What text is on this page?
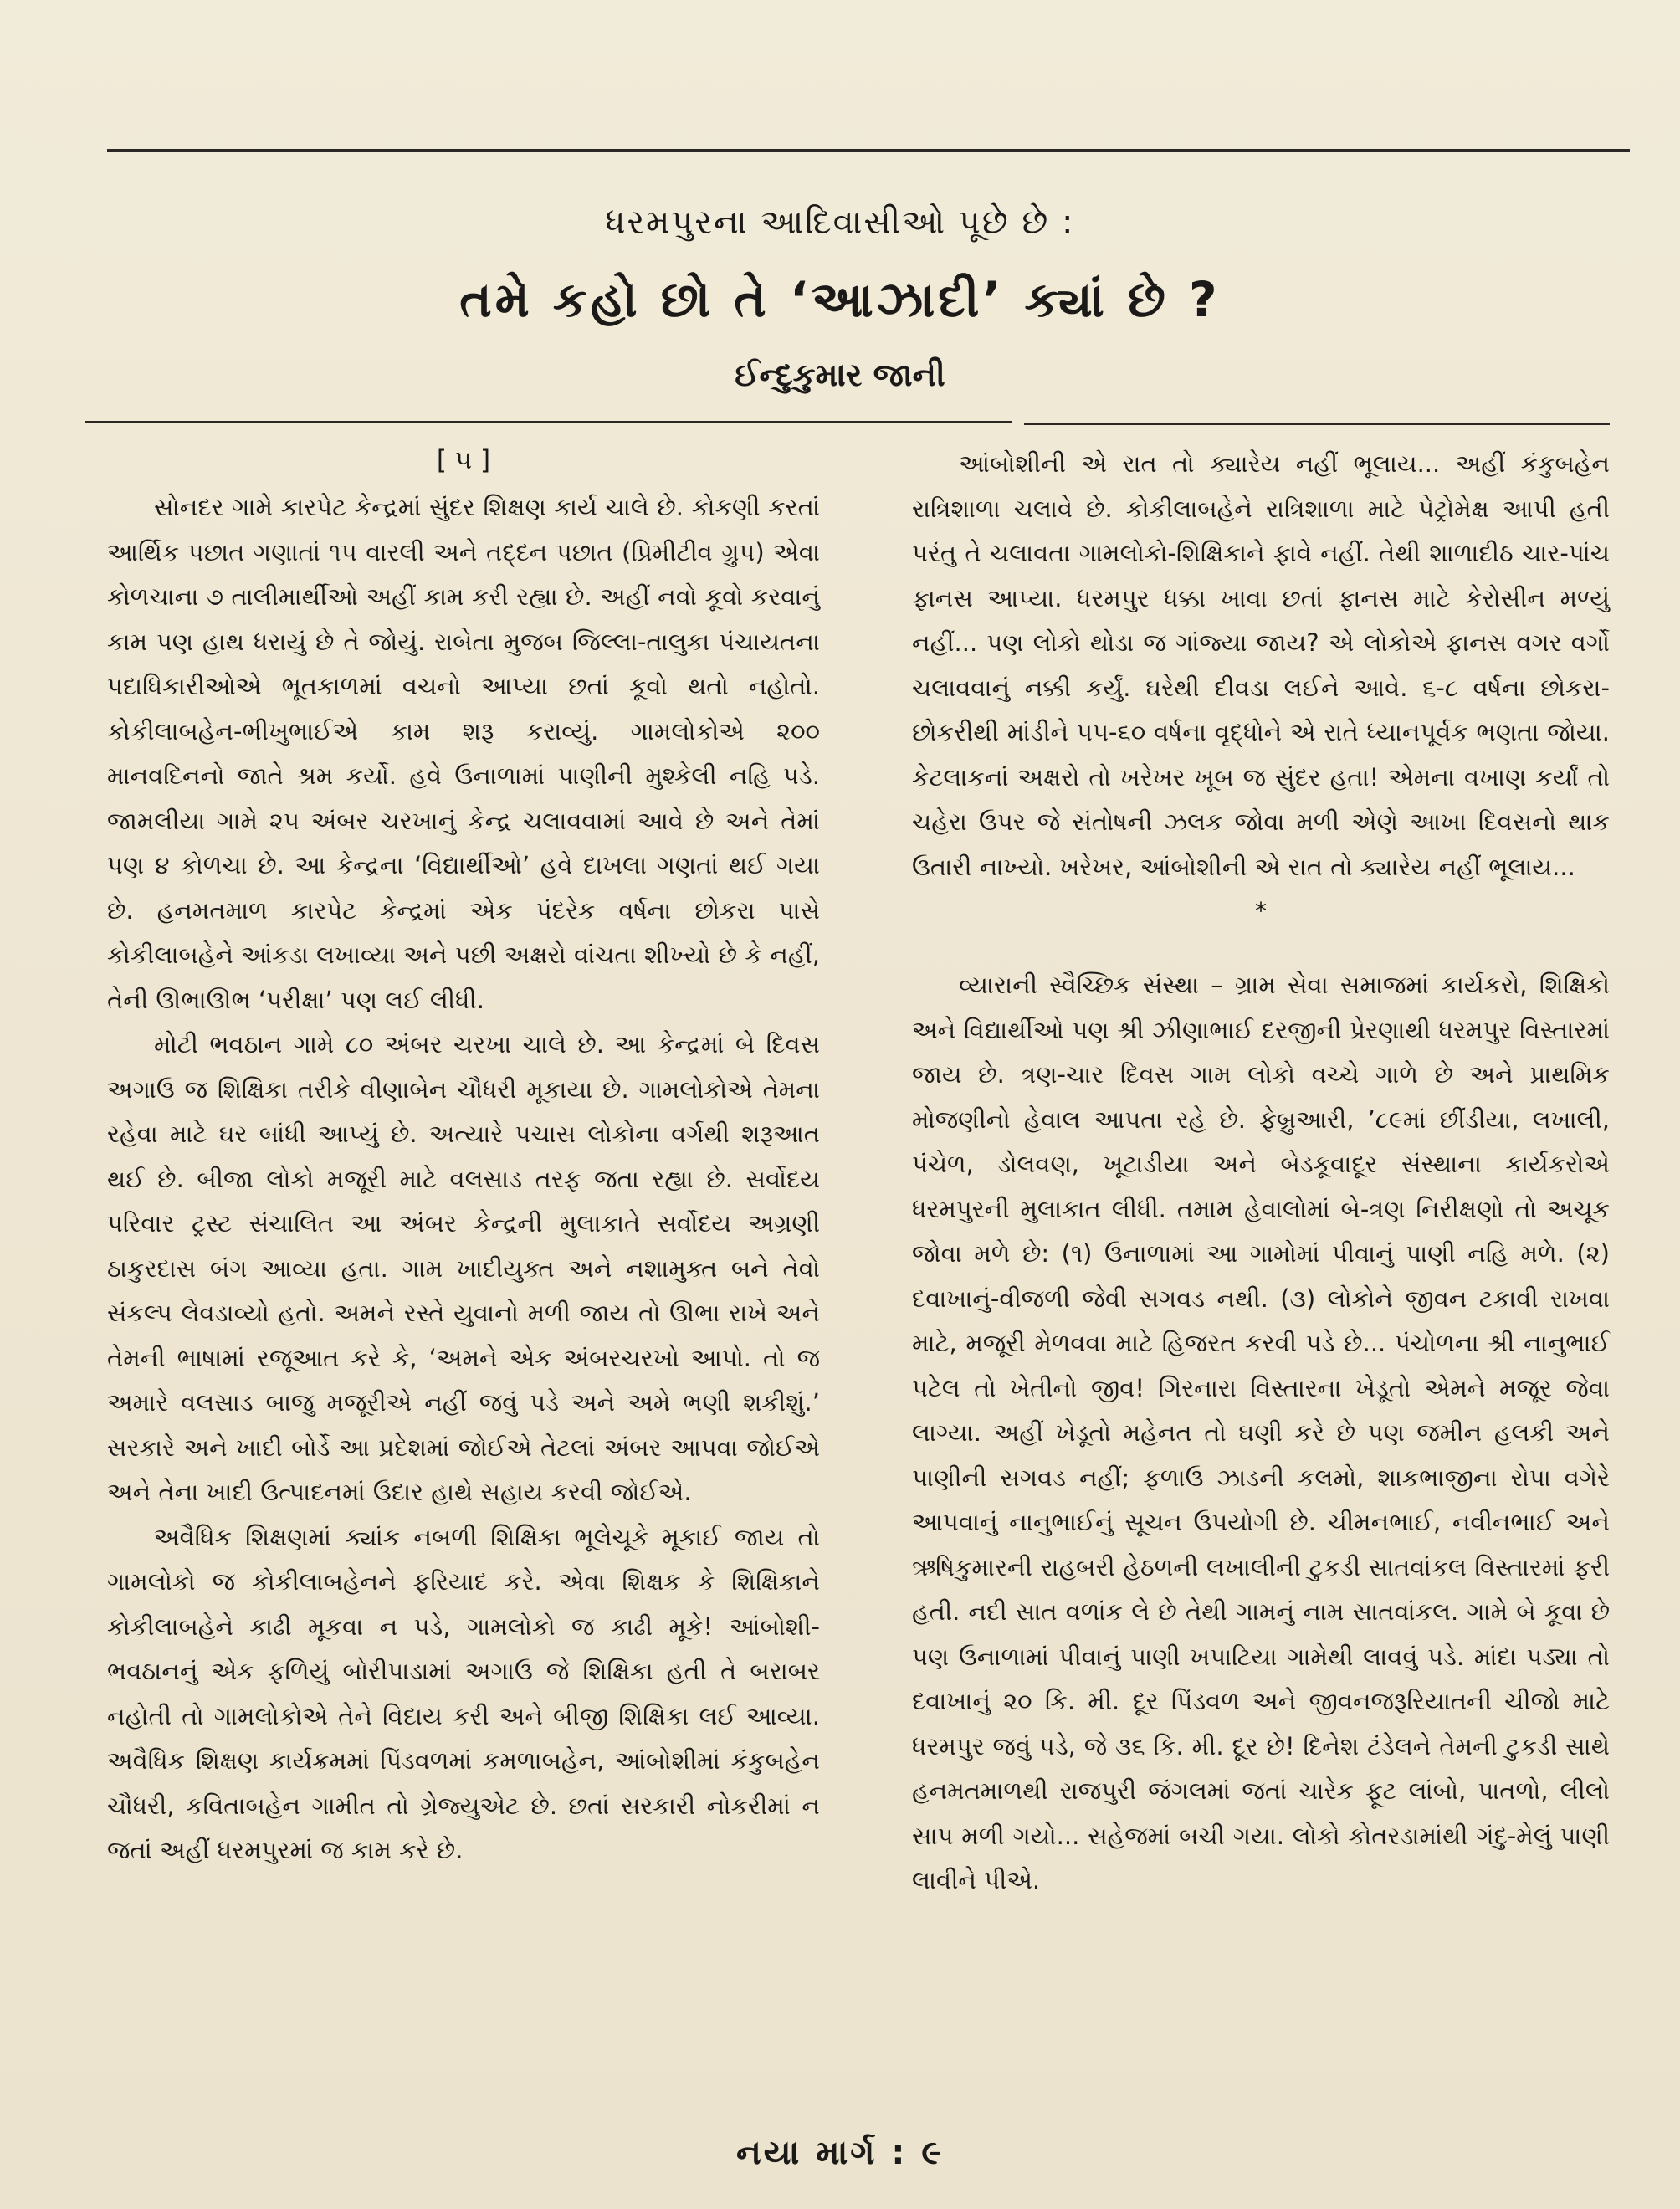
ધરમપુરના આદિવાસીઓ પૂછે છે :
તમે કહો છો તે ‘આઝાદી’ ક્યાં છે ?
ઈન્દુકુમાર જાની
[ ૫ ]

સોનદર ગામે કારપેટ કેન્દ્રમાં સુંદર શિક્ષણ કાર્ય ચાલે છે. કોકણી કરતાં આર્થિક પછાત ગણાતાં ૧૫ વારલી અને તદ્દન પછાત (પ્રિમીટીવ ગ્રુપ) એવા કોળચાના ૭ તાલીમાર્થીઓ અહીં કામ કરી રહ્યા છે. અહીં નવો કૂવો કરવાનું કામ પણ હાથ ધરાયું છે તે જોયું. રાબેતા મુજબ જિલ્લા-તાલુકા પંચાયતના પદાધિકારીઓએ ભૂતકાળમાં વચનો આપ્યા છતાં કૂવો થતો નહોતો. કોકીલાબહેન-ભીખુભાઈએ કામ શરૂ કરાવ્યું. ગામલોકોએ ૨૦૦ માનવદિનનો જાતે શ્રમ કર્યો. હવે ઉનાળામાં પાણીની મુશ્કેલી નહિ પડે. જામલીયા ગામે ૨૫ અંબર ચરખાનું કેન્દ્ર ચલાવવામાં આવે છે અને તેમાં પણ ૪ કોળચા છે. આ કેન્દ્રના ‘વિદ્યાર્થીઓ’ હવે દાખલા ગણતાં થઈ ગયા છે. હનમતમાળ કારપેટ કેન્દ્રમાં એક પંદરેક વર્ષના છોકરા પાસે કોકીલાબહેને આંકડા લખાવ્યા અને પછી અક્ષરો વાંચતા શીખ્યો છે કે નહીં, તેની ઊભાઊભ ‘પરીક્ષા’ પણ લઈ લીધી.

મોટી ભવઠાન ગામે ૮૦ અંબર ચરખા ચાલે છે. આ કેન્દ્રમાં બે દિવસ અગાઉ જ શિક્ષિકા તરીકે વીણાબેન ચૌધરી મૂકાયા છે. ગામલોકોએ તેમના રહેવા માટે ઘર બાંધી આપ્યું છે. અત્યારે પચાસ લોકોના વર્ગથી શરૂઆત થઈ છે. બીજા લોકો મજૂરી માટે વલસાડ તરફ જતા રહ્યા છે. સર્વોદય પરિવાર ટ્રસ્ટ સંચાલિત આ અંબર કેન્દ્રની મુલાકાતે સર્વોદય અગ્રણી ઠાકુરદાસ બંગ આવ્યા હતા. ગામ ખાદીયુક્ત અને નશામુક્ત બને તેવો સંકલ્પ લેવડાવ્યો હતો. અમને રસ્તે યુવાનો મળી જાય તો ઊભા રાખે અને તેમની ભાષામાં રજૂઆત કરે કે, ‘અમને એક અંબરચરખો આપો. તો જ અમારે વલસાડ બાજુ મજૂરીએ નહીં જવું પડે અને અમે ભણી શકીશું.’ સરકારે અને ખાદી બોર્ડે આ પ્રદેશમાં જોઈએ તેટલાં અંબર આપવા જોઈએ અને તેના ખાદી ઉત્પાદનમાં ઉદાર હાથે સહાય કરવી જોઈએ.

અવૈધિક શિક્ષણમાં ક્યાંક નબળી શિક્ષિકા ભૂલેચૂકે મૂકાઈ જાય તો ગામલોકો જ કોકીલાબહેનને ફરિયાદ કરે. એવા શિક્ષક કે શિક્ષિકાને કોકીલાબહેને કાઢી મૂકવા ન પડે, ગામલોકો જ કાઢી મૂકે! આંબોશી-ભવઠાનનું એક ફળિયું બોરીપાડામાં અગાઉ જે શિક્ષિકા હતી તે બરાબર નહોતી તો ગામલોકોએ તેને વિદાય કરી અને બીજી શિક્ષિકા લઈ આવ્યા. અવૈધિક શિક્ષણ કાર્યક્રમમાં પિંડવળમાં કમળાબહેન, આંબોશીમાં કંકુબહેન ચૌધરી, કવિતાબહેન ગામીત તો ગ્રેજ્યુએટ છે. છતાં સરકારી નોકરીમાં ન જતાં અહીં ધરમપુરમાં જ કામ કરે છે.

આંબોશીની એ રાત તો ક્યારેય નહીં ભૂલાય... અહીં કંકુબહેન રાત્રિશાળા ચલાવે છે. કોકીલાબહેને રાત્રિશાળા માટે પેટ્રોમેક્ષ આપી હતી પરંતુ તે ચલાવતા ગામલોકો-શિક્ષિકાને ફાવે નહીં. તેથી શાળાદીઠ ચાર-પાંચ ફાનસ આપ્યા. ધરમપુર ધક્કા ખાવા છતાં ફાનસ માટે કેરોસીન મળ્યું નહીં... પણ લોકો થોડા જ ગાંજ્યા જાય? એ લોકોએ ફાનસ વગર વર્ગો ચલાવવાનું નક્કી કર્યું. ઘરેથી દીવડા લઈને આવે. ૬-૮ વર્ષના છોકરા-છોકરીથી માંડીને ૫૫-૬૦ વર્ષના વૃદ્ધોને એ રાતે ધ્યાનપૂર્વક ભણતા જોયા. કેટલાકનાં અક્ષરો તો ખરેખર ખૂબ જ સુંદર હતા! એમના વખાણ કર્યાં તો ચહેરા ઉપર જે સંતોષની ઝલક જોવા મળી એણે આખા દિવસનો થાક ઉતારી નાખ્યો. ખરેખર, આંબોશીની એ રાત તો ક્યારેય નહીં ભૂલાય...

*

વ્યારાની સ્વૈચ્છિક સંસ્થા – ગ્રામ સેવા સમાજમાં કાર્યકરો, શિક્ષિકો અને વિદ્યાર્થીઓ પણ શ્રી ઝીણાભાઈ દરજીની પ્રેરણાથી ધરમપુર વિસ્તારમાં જાય છે. ત્રણ-ચાર દિવસ ગામ લોકો વચ્ચે ગાળે છે અને પ્રાથમિક મોજણીનો હેવાલ આપતા રહે છે. ફેબ્રુઆરી, ’૮૯માં છીંડીયા, લખાલી, પંચેળ, ડોલવણ, ખૂટાડીયા અને બેડકૂવાદૂર સંસ્થાના કાર્યકરોએ ધરમપુરની મુલાકાત લીધી. તમામ હેવાલોમાં બે-ત્રણ નિરીક્ષણો તો અચૂક જોવા મળે છે: (૧) ઉનાળામાં આ ગામોમાં પીવાનું પાણી નહિ મળે. (૨) દવાખાનું-વીજળી જેવી સગવડ નથી. (૩) લોકોને જીવન ટકાવી રાખવા માટે, મજૂરી મેળવવા માટે હિજરત કરવી પડે છે... પંચોળના શ્રી નાનુભાઈ પટેલ તો ખેતીનો જીવ! ગિરનારા વિસ્તારના ખેડૂતો એમને મજૂર જેવા લાગ્યા. અહીં ખેડૂતો મહેનત તો ઘણી કરે છે પણ જમીન હલકી અને પાણીની સગવડ નહીં; ફળાઉ ઝાડની કલમો, શાકભાજીના રોપા વગેરે આપવાનું નાનુભાઈનું સૂચન ઉપયોગી છે. ચીમનભાઈ, નવીનભાઈ અને ઋષિકુમારની રાહબરી હેઠળની લખાલીની ટુકડી સાતવાંકલ વિસ્તારમાં ફરી હતી. નદી સાત વળાંક લે છે તેથી ગામનું નામ સાતવાંકલ. ગામે બે કૂવા છે પણ ઉનાળામાં પીવાનું પાણી ખપાટિયા ગામેથી લાવવું પડે. માંદા પડ્યા તો દવાખાનું ૨૦ કિ. મી. દૂર પિંડવળ અને જીવનજરૂરિયાતની ચીજો માટે ધરમપુર જવું પડે, જે ૩૬ કિ. મી. દૂર છે! દિનેશ ટંડેલને તેમની ટુકડી સાથે હનમતમાળથી રાજપુરી જંગલમાં જતાં ચારેક ફૂટ લાંબો, પાતળો, લીલો સાપ મળી ગયો... સહેજમાં બચી ગયા. લોકો કોતરડામાંથી ગંદુ-મેલું પાણી લાવીને પીએ.

નયા માર્ગ : ૯
